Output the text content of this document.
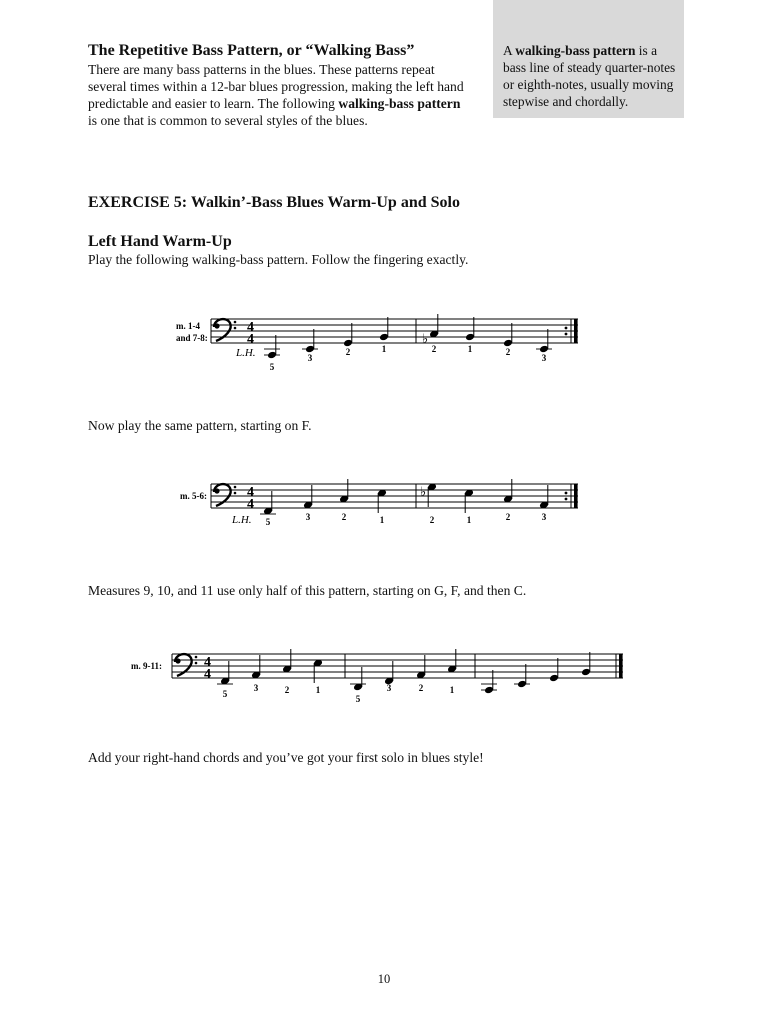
A walking-bass pattern is a bass line of steady quarter-notes or eighth-notes, usually moving stepwise and chordally.
The Repetitive Bass Pattern, or “Walking Bass”
There are many bass patterns in the blues. These patterns repeat several times within a 12-bar blues progression, making the left hand predictable and easier to learn. The following walking-bass pattern is one that is common to several styles of the blues.
EXERCISE 5: Walkin’-Bass Blues Warm-Up and Solo
Left Hand Warm-Up
Play the following walking-bass pattern. Follow the fingering exactly.
m. 1-4
and 7-8:
4
4	♭
L.H.
5
3
2	1	2	1	2
3
Now play the same pattern, starting on F.
m. 5-6:	4
4
♭
L.H. 5	3	2	1	2	1	2	3
Measures 9, 10, and 11 use only half of this pattern, starting on G, F, and then C.
m. 9-11:	4
4
5
3	2	1
5
3	2	1
Add your right-hand chords and you’ve got your first solo in blues style!
10
